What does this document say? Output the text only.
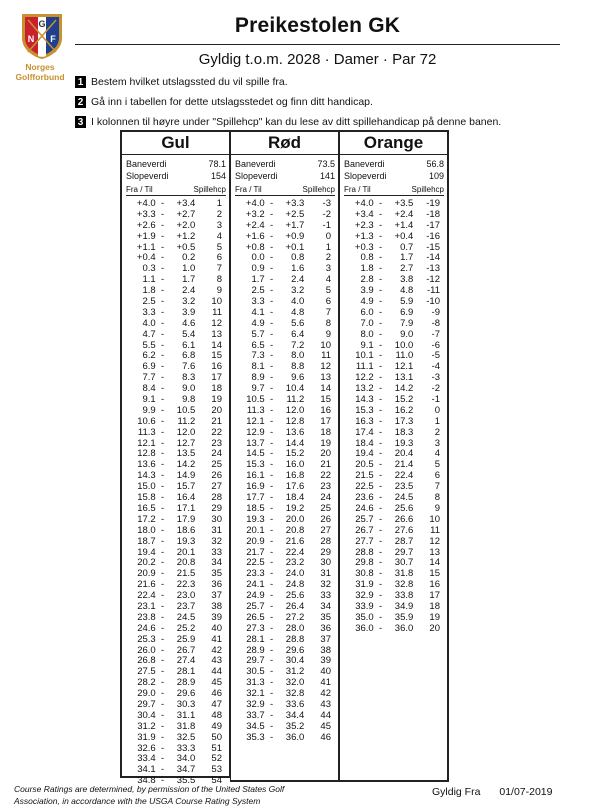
G
N F
Norges
Golfforbund
Preikestolen GK
Gyldig t.o.m. 2028 · Damer · Par 72
1 Bestem hvilket utslagssted du vil spille fra.
2 Gå inn i tabellen for dette utslagsstedet og finn ditt handicap.
3 I kolonnen til høyre under "Spillehcp" kan du lese av ditt spillehandicap på denne banen.
Gul
Baneverdi	78.1
Slopeverdi	154
Fra / Til	Spillehcp
+4.0 -	+3.4	1
+3.3 -	+2.7	2
+2.6 -	+2.0	3
+1.9 -	+1.2	4
+1.1 -	+0.5	5
+0.4 -	0.2	6
0.3 -	1.0	7
1.1 -	1.7	8
1.8 -	2.4	9
2.5 -	3.2	10
3.3 -	3.9	11
4.0 -	4.6	12
4.7 -	5.4	13
5.5 -	6.1	14
6.2 -	6.8	15
6.9 -	7.6	16
7.7 -	8.3	17
8.4 -	9.0	18
9.1 -	9.8	19
9.9 -	10.5	20
10.6 -	11.2	21
11.3 -	12.0	22
12.1 -	12.7	23
12.8 -	13.5	24
13.6 -	14.2	25
14.3 -	14.9	26
15.0 -	15.7	27
15.8 -	16.4	28
16.5 -	17.1	29
17.2 -	17.9	30
18.0 -	18.6	31
18.7 -	19.3	32
19.4 -	20.1	33
20.2 -	20.8	34
20.9 -	21.5	35
21.6 -	22.3	36
22.4 -	23.0	37
23.1 -	23.7	38
23.8 -	24.5	39
24.6 -	25.2	40
25.3 -	25.9	41
26.0 -	26.7	42
26.8 -	27.4	43
27.5 -	28.1	44
28.2 -	28.9	45
29.0 -	29.6	46
29.7 -	30.3	47
30.4 -	31.1	48
31.2 -	31.8	49
31.9 -	32.5	50
32.6 -	33.3	51
33.4 -	34.0	52
34.1 -	34.7	53
34.8 -	35.5	54
Rød
Baneverdi	73.5
Slopeverdi	141
Fra / Til	Spillehcp
+4.0 -	+3.3	-3
+3.2 -	+2.5	-2
+2.4 -	+1.7	-1
+1.6 -	+0.9	0
+0.8 -	+0.1	1
0.0 -	0.8	2
0.9 -	1.6	3
1.7 -	2.4	4
2.5 -	3.2	5
3.3 -	4.0	6
4.1 -	4.8	7
4.9 -	5.6	8
5.7 -	6.4	9
6.5 -	7.2	10
7.3 -	8.0	11
8.1 -	8.8	12
8.9 -	9.6	13
9.7 -	10.4	14
10.5 -	11.2	15
11.3 -	12.0	16
12.1 -	12.8	17
12.9 -	13.6	18
13.7 -	14.4	19
14.5 -	15.2	20
15.3 -	16.0	21
16.1 -	16.8	22
16.9 -	17.6	23
17.7 -	18.4	24
18.5 -	19.2	25
19.3 -	20.0	26
20.1 -	20.8	27
20.9 -	21.6	28
21.7 -	22.4	29
22.5 -	23.2	30
23.3 -	24.0	31
24.1 -	24.8	32
24.9 -	25.6	33
25.7 -	26.4	34
26.5 -	27.2	35
27.3 -	28.0	36
28.1 -	28.8	37
28.9 -	29.6	38
29.7 -	30.4	39
30.5 -	31.2	40
31.3 -	32.0	41
32.1 -	32.8	42
32.9 -	33.6	43
33.7 -	34.4	44
34.5 -	35.2	45
35.3 -	36.0	46
Orange
Baneverdi	56.8
Slopeverdi	109
Fra / Til	Spillehcp
+4.0 -	+3.5	-19
+3.4 -	+2.4	-18
+2.3 -	+1.4	-17
+1.3 -	+0.4	-16
+0.3 -	0.7	-15
0.8 -	1.7	-14
1.8 -	2.7	-13
2.8 -	3.8	-12
3.9 -	4.8	-11
4.9 -	5.9	-10
6.0 -	6.9	-9
7.0 -	7.9	-8
8.0 -	9.0	-7
9.1 -	10.0	-6
10.1 -	11.0	-5
11.1 -	12.1	-4
12.2 -	13.1	-3
13.2 -	14.2	-2
14.3 -	15.2	-1
15.3 -	16.2	0
16.3 -	17.3	1
17.4 -	18.3	2
18.4 -	19.3	3
19.4 -	20.4	4
20.5 -	21.4	5
21.5 -	22.4	6
22.5 -	23.5	7
23.6 -	24.5	8
24.6 -	25.6	9
25.7 -	26.6	10
26.7 -	27.6	11
27.7 -	28.7	12
28.8 -	29.7	13
29.8 -	30.7	14
30.8 -	31.8	15
31.9 -	32.8	16
32.9 -	33.8	17
33.9 -	34.9	18
35.0 -	35.9	19
36.0 -	36.0	20
Course Ratings are determined, by permission of the United States Golf
Association, in accordance with the USGA Course Rating System
Gyldig Fra 01/07-2019
